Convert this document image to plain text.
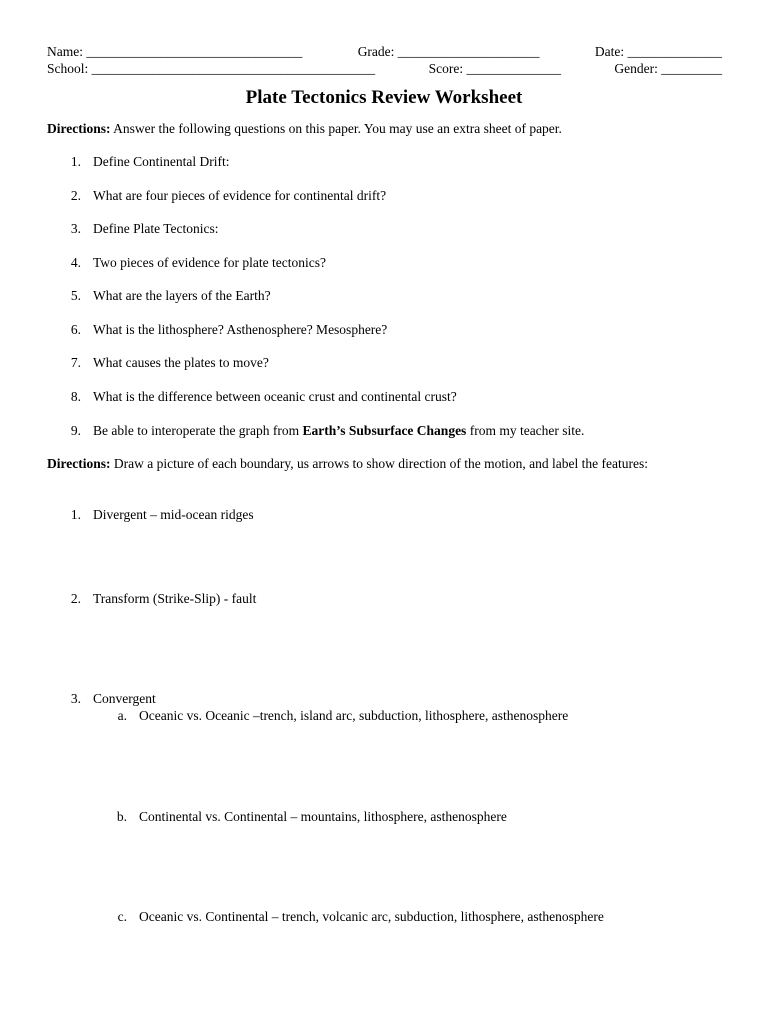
Name: ________________________________	Grade: _____________________	Date: ______________
School: __________________________________________	Score: ______________	Gender: _________
Plate Tectonics Review Worksheet
Directions: Answer the following questions on this paper. You may use an extra sheet of paper.
1. Define Continental Drift:
2. What are four pieces of evidence for continental drift?
3. Define Plate Tectonics:
4. Two pieces of evidence for plate tectonics?
5. What are the layers of the Earth?
6. What is the lithosphere? Asthenosphere? Mesosphere?
7. What causes the plates to move?
8. What is the difference between oceanic crust and continental crust?
9. Be able to interoperate the graph from Earth’s Subsurface Changes from my teacher site.
Directions: Draw a picture of each boundary, us arrows to show direction of the motion, and label the features:
1. Divergent – mid-ocean ridges
2. Transform (Strike-Slip) - fault
3. Convergent
a. Oceanic vs. Oceanic –trench, island arc, subduction, lithosphere, asthenosphere
b. Continental vs. Continental – mountains, lithosphere, asthenosphere
c. Oceanic vs. Continental – trench, volcanic arc, subduction, lithosphere, asthenosphere
